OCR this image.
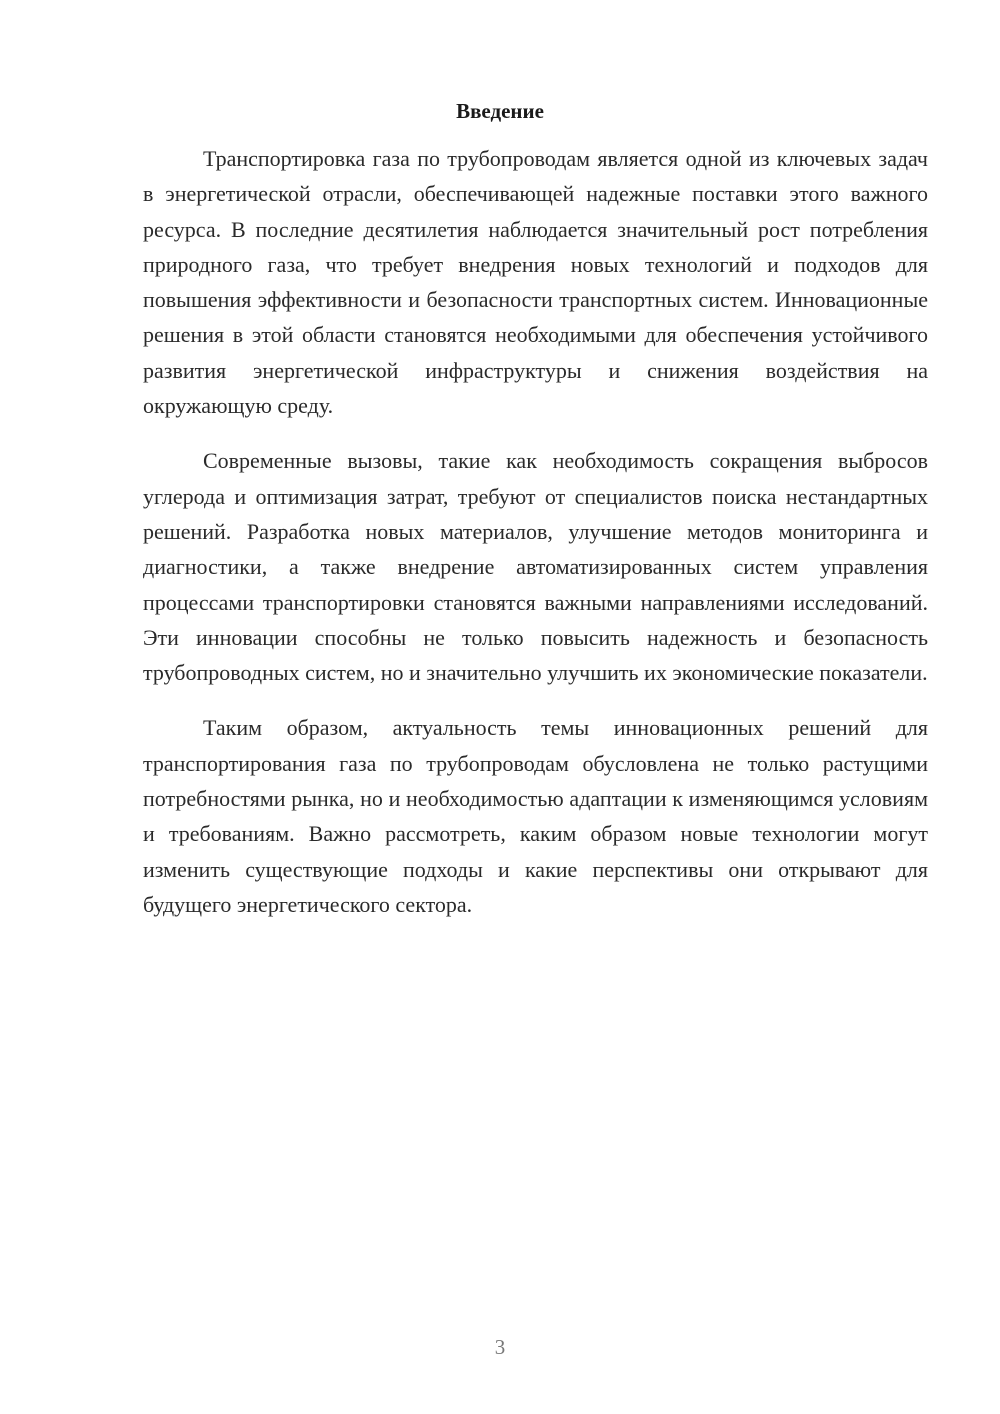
Введение

Транспортировка газа по трубопроводам является одной из ключевых задач в энергетической отрасли, обеспечивающей надежные поставки этого важного ресурса. В последние десятилетия наблюдается значительный рост потребления природного газа, что требует внедрения новых технологий и подходов для повышения эффективности и безопасности транспортных систем. Инновационные решения в этой области становятся необходимыми для обеспечения устойчивого развития энергетической инфраструктуры и снижения воздействия на окружающую среду.

Современные вызовы, такие как необходимость сокращения выбросов углерода и оптимизация затрат, требуют от специалистов поиска нестандартных решений. Разработка новых материалов, улучшение методов мониторинга и диагностики, а также внедрение автоматизированных систем управления процессами транспортировки становятся важными направлениями исследований. Эти инновации способны не только повысить надежность и безопасность трубопроводных систем, но и значительно улучшить их экономические показатели.

Таким образом, актуальность темы инновационных решений для транспортирования газа по трубопроводам обусловлена не только растущими потребностями рынка, но и необходимостью адаптации к изменяющимся условиям и требованиям. Важно рассмотреть, каким образом новые технологии могут изменить существующие подходы и какие перспективы они открывают для будущего энергетического сектора.

3
